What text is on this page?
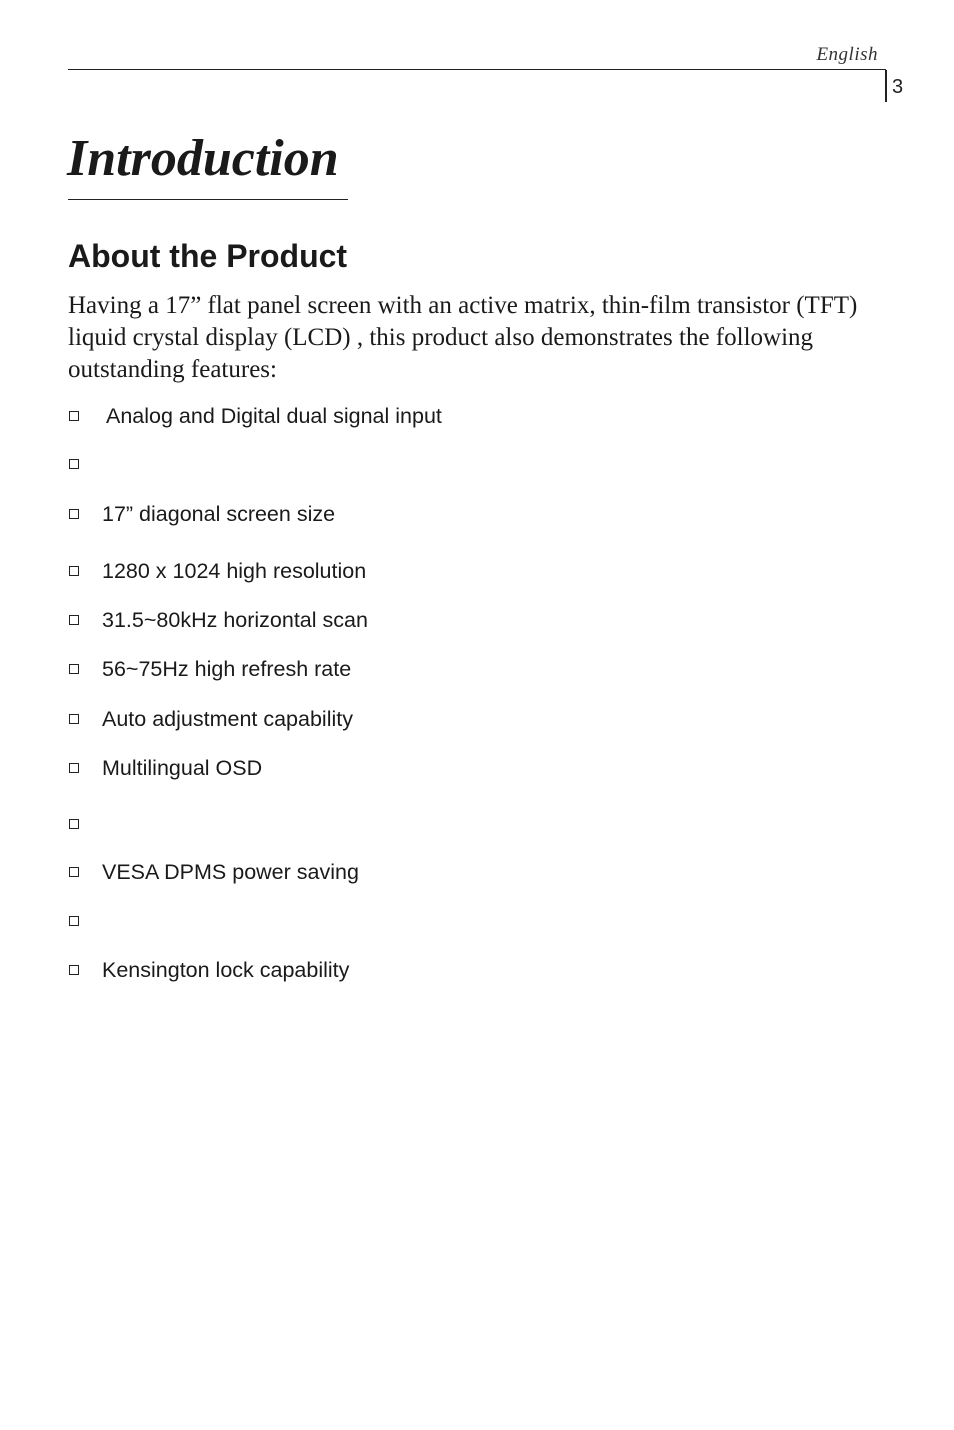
English
3
Introduction
About the Product

Having a 17” flat panel screen with an active matrix, thin-film transistor (TFT) liquid crystal display (LCD) , this product also demonstrates the following outstanding features:

Analog and Digital dual signal input
17” diagonal screen size
1280 x 1024 high resolution
31.5~80kHz horizontal scan
56~75Hz high refresh rate
Auto adjustment capability
Multilingual OSD
VESA DPMS power saving
Kensington lock capability
